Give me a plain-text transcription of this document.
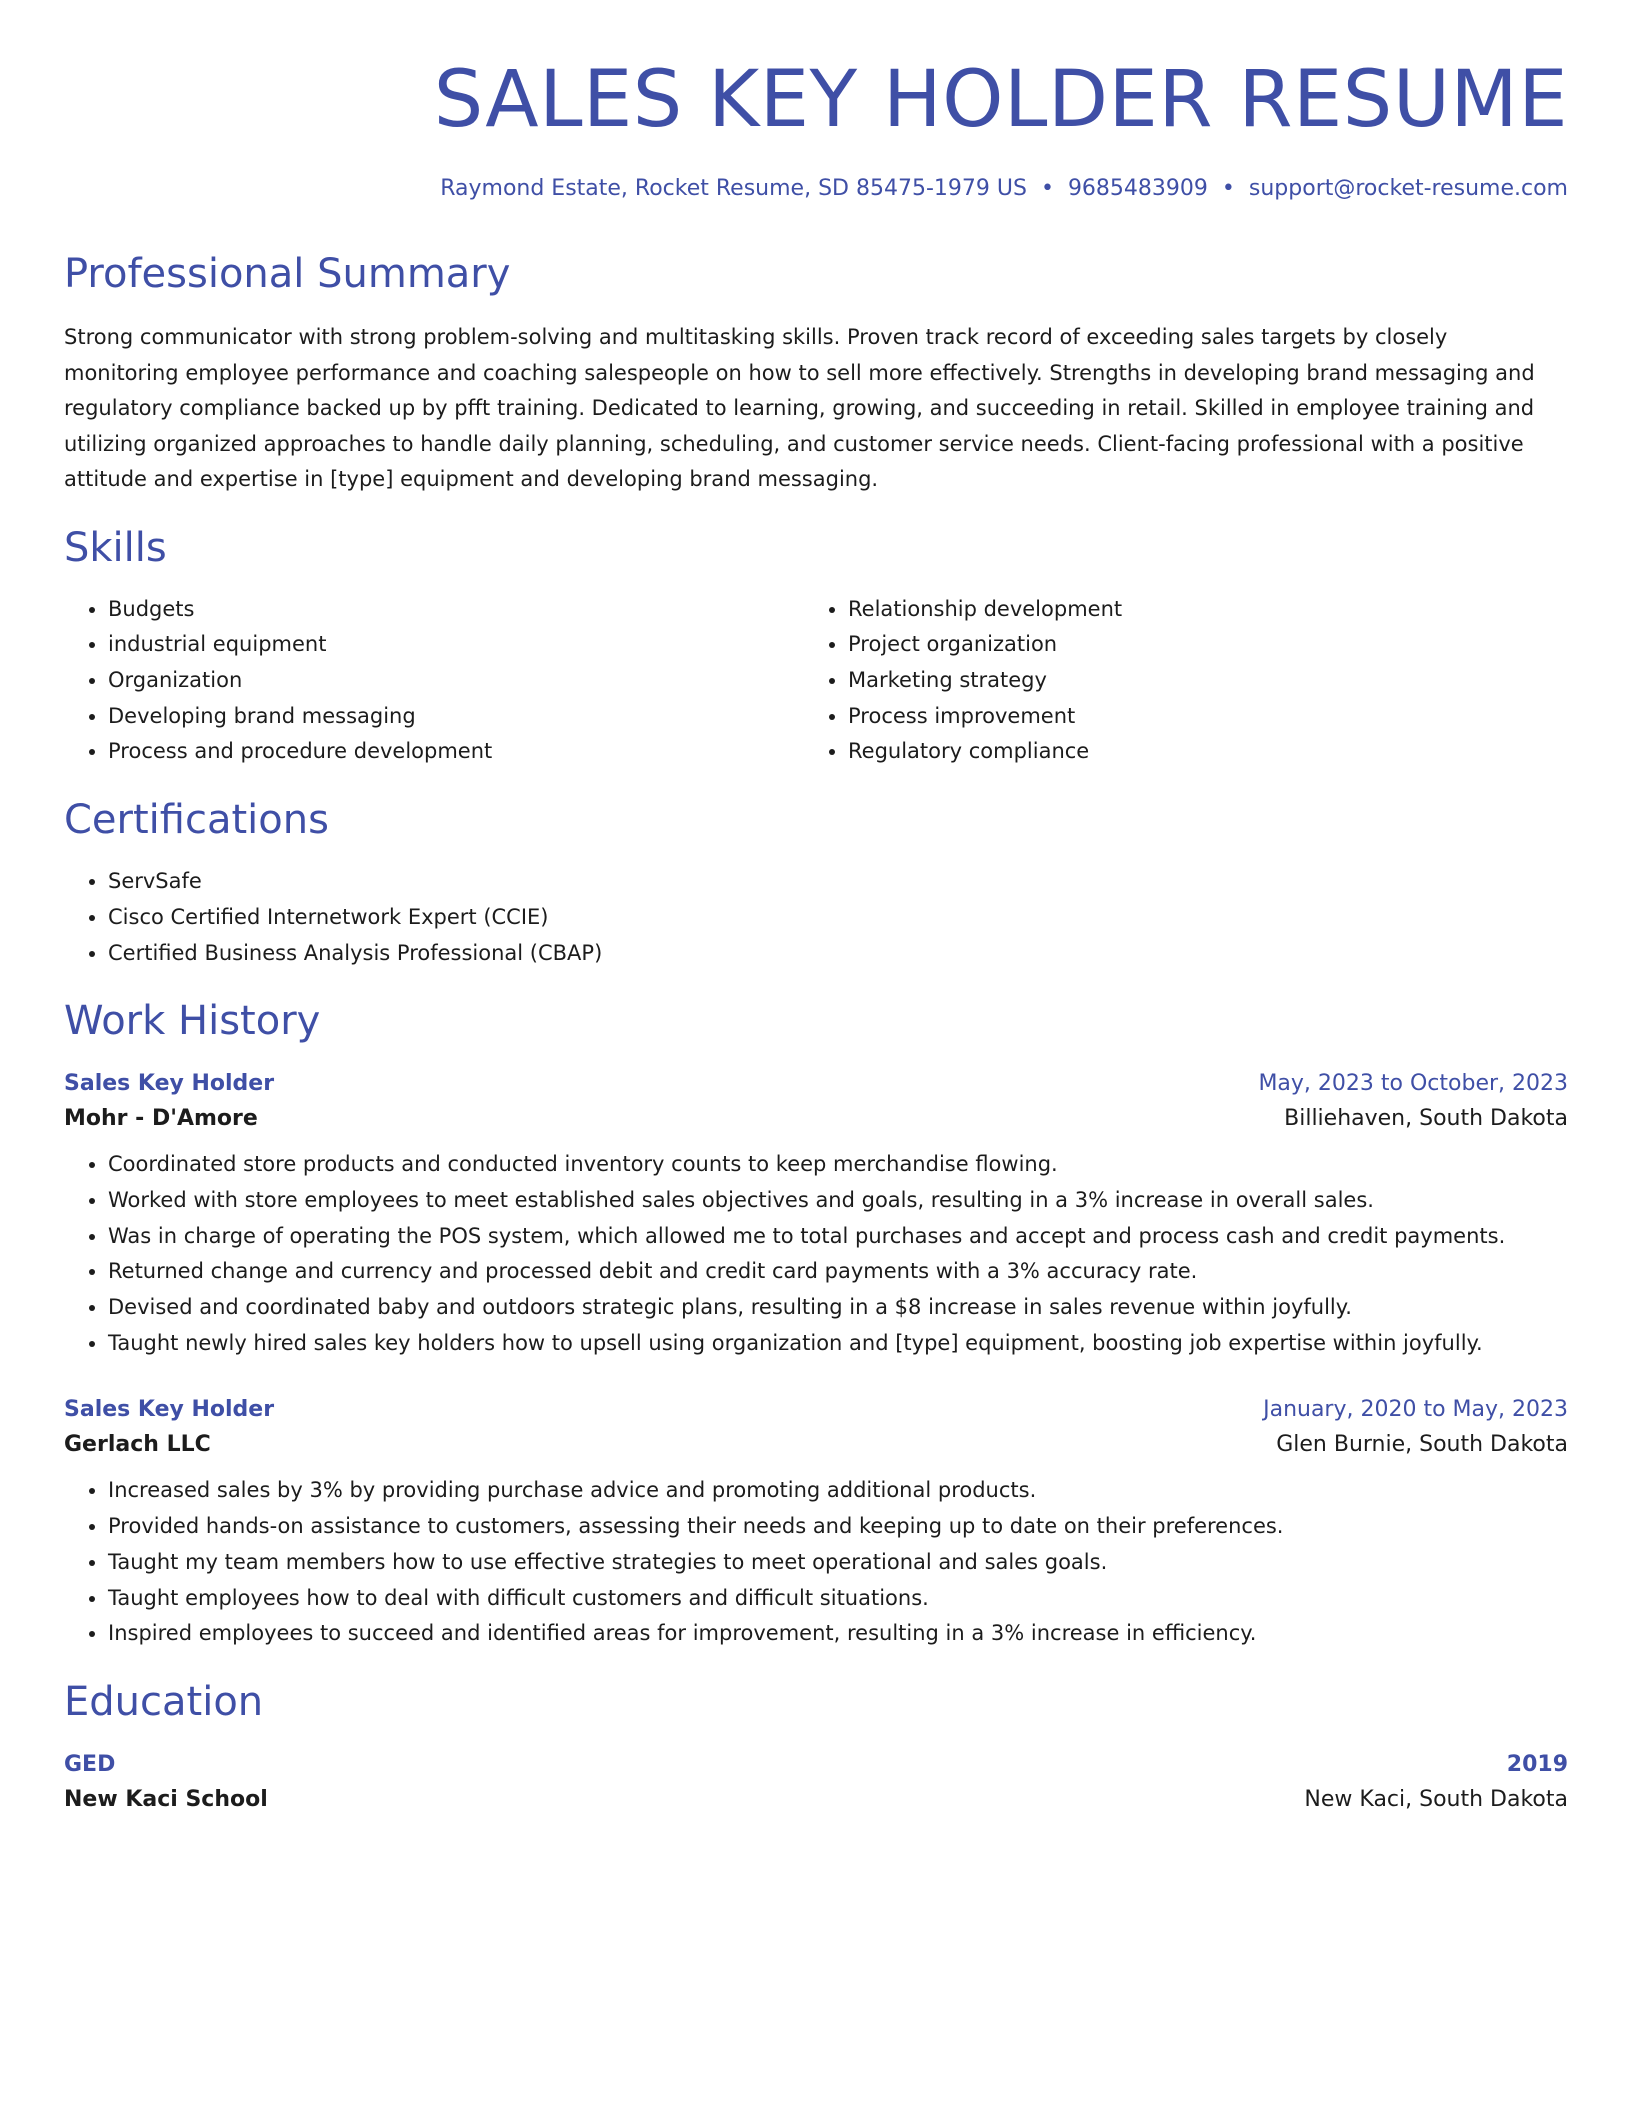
SALES KEY HOLDER RESUME
Raymond Estate, Rocket Resume, SD 85475-1979 US • 9685483909 • support@rocket-resume.com
Professional Summary
Strong communicator with strong problem-solving and multitasking skills. Proven track record of exceeding sales targets by closely monitoring employee performance and coaching salespeople on how to sell more effectively. Strengths in developing brand messaging and regulatory compliance backed up by pfft training. Dedicated to learning, growing, and succeeding in retail. Skilled in employee training and utilizing organized approaches to handle daily planning, scheduling, and customer service needs. Client-facing professional with a positive attitude and expertise in [type] equipment and developing brand messaging.
Skills
• Budgets
• industrial equipment
• Organization
• Developing brand messaging
• Process and procedure development
• Relationship development
• Project organization
• Marketing strategy
• Process improvement
• Regulatory compliance
Certifications
• ServSafe
• Cisco Certified Internetwork Expert (CCIE)
• Certified Business Analysis Professional (CBAP)
Work History
Sales Key Holder	May, 2023 to October, 2023
Mohr - D'Amore	Billiehaven, South Dakota
• Coordinated store products and conducted inventory counts to keep merchandise flowing.
• Worked with store employees to meet established sales objectives and goals, resulting in a 3% increase in overall sales.
• Was in charge of operating the POS system, which allowed me to total purchases and accept and process cash and credit payments.
• Returned change and currency and processed debit and credit card payments with a 3% accuracy rate.
• Devised and coordinated baby and outdoors strategic plans, resulting in a $8 increase in sales revenue within joyfully.
• Taught newly hired sales key holders how to upsell using organization and [type] equipment, boosting job expertise within joyfully.
Sales Key Holder	January, 2020 to May, 2023
Gerlach LLC	Glen Burnie, South Dakota
• Increased sales by 3% by providing purchase advice and promoting additional products.
• Provided hands-on assistance to customers, assessing their needs and keeping up to date on their preferences.
• Taught my team members how to use effective strategies to meet operational and sales goals.
• Taught employees how to deal with difficult customers and difficult situations.
• Inspired employees to succeed and identified areas for improvement, resulting in a 3% increase in efficiency.
Education
GED	2019
New Kaci School	New Kaci, South Dakota
